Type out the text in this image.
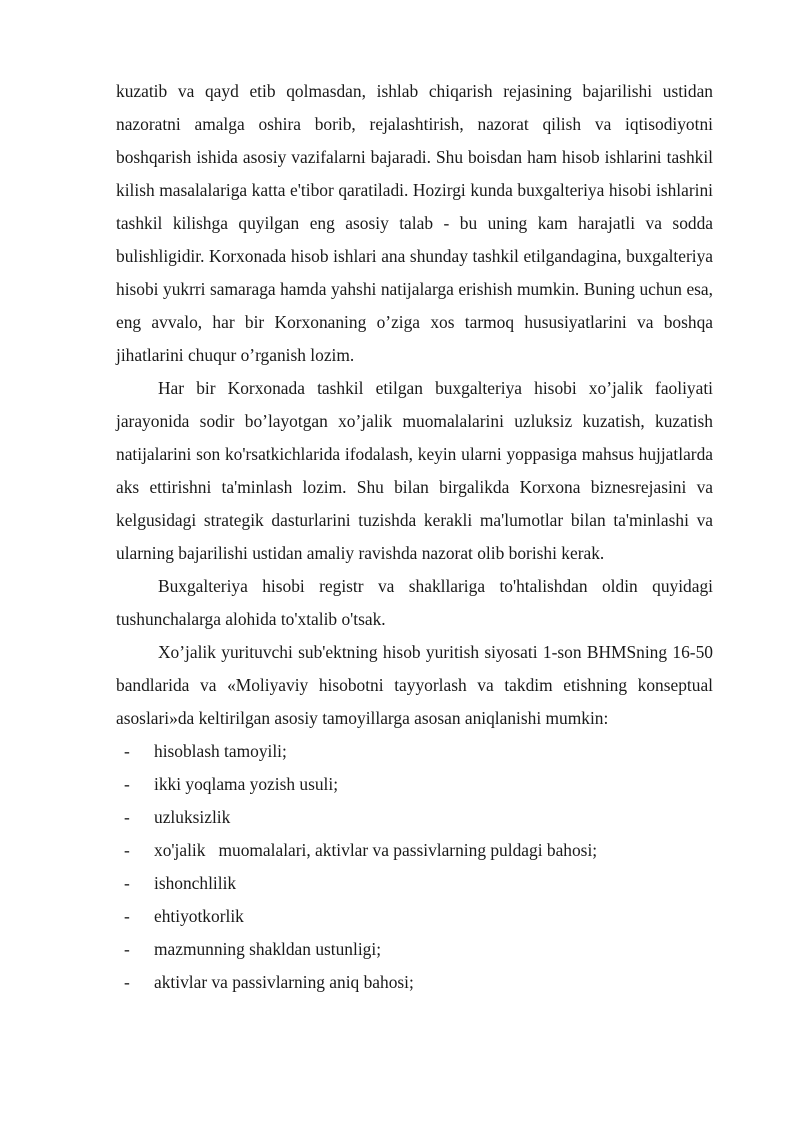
kuzatib va qayd etib qolmasdan, ishlab chiqarish rejasining bajarilishi ustidan nazoratni amalga oshira borib, rejalashtirish, nazorat qilish va iqtisodiyotni boshqarish ishida asosiy vazifalarni bajaradi. Shu boisdan ham hisob ishlarini tashkil kilish masalalariga katta e'tibor qaratiladi. Hozirgi kunda buxgalteriya hisobi ishlarini tashkil kilishga quyilgan eng asosiy talab - bu uning kam harajatli va sodda bulishligidir. Korxonada hisob ishlari ana shunday tashkil etilgandagina, buxgalteriya hisobi yukrri samaraga hamda yahshi natijalarga erishish mumkin. Buning uchun esa, eng avvalo, har bir Korxonaning o’ziga xos tarmoq hususiyatlarini va boshqa jihatlarini chuqur o’rganish lozim.

Har bir Korxonada tashkil etilgan buxgalteriya hisobi xo’jalik faoliyati jarayonida sodir bo’layotgan xo’jalik muomalalarini uzluksiz kuzatish, kuzatish natijalarini son ko'rsatkichlarida ifodalash, keyin ularni yoppasiga mahsus hujjatlarda aks ettirishni ta'minlash lozim. Shu bilan birgalikda Korxona biznesrejasini va kelgusidagi strategik dasturlarini tuzishda kerakli ma'lumotlar bilan ta'minlashi va ularning bajarilishi ustidan amaliy ravishda nazorat olib borishi kerak.

Buxgalteriya hisobi registr va shakllariga to'htalishdan oldin quyidagi tushunchalarga alohida to'xtalib o'tsak.

Xo’jalik yurituvchi sub'ektning hisob yuritish siyosati 1-son BHMSning 16-50 bandlarida va «Moliyaviy hisobotni tayyorlash va takdim etishning konseptual asoslari»da keltirilgan asosiy tamoyillarga asosan aniqlanishi mumkin:

-	hisoblash tamoyili;
-	ikki yoqlama yozish usuli;
-	uzluksizlik
-	xo'jalik   muomalalari, aktivlar va passivlarning puldagi bahosi;
-	ishonchlilik
-	ehtiyotkorlik
-	mazmunning shakldan ustunligi;
-	aktivlar va passivlarning aniq bahosi;
